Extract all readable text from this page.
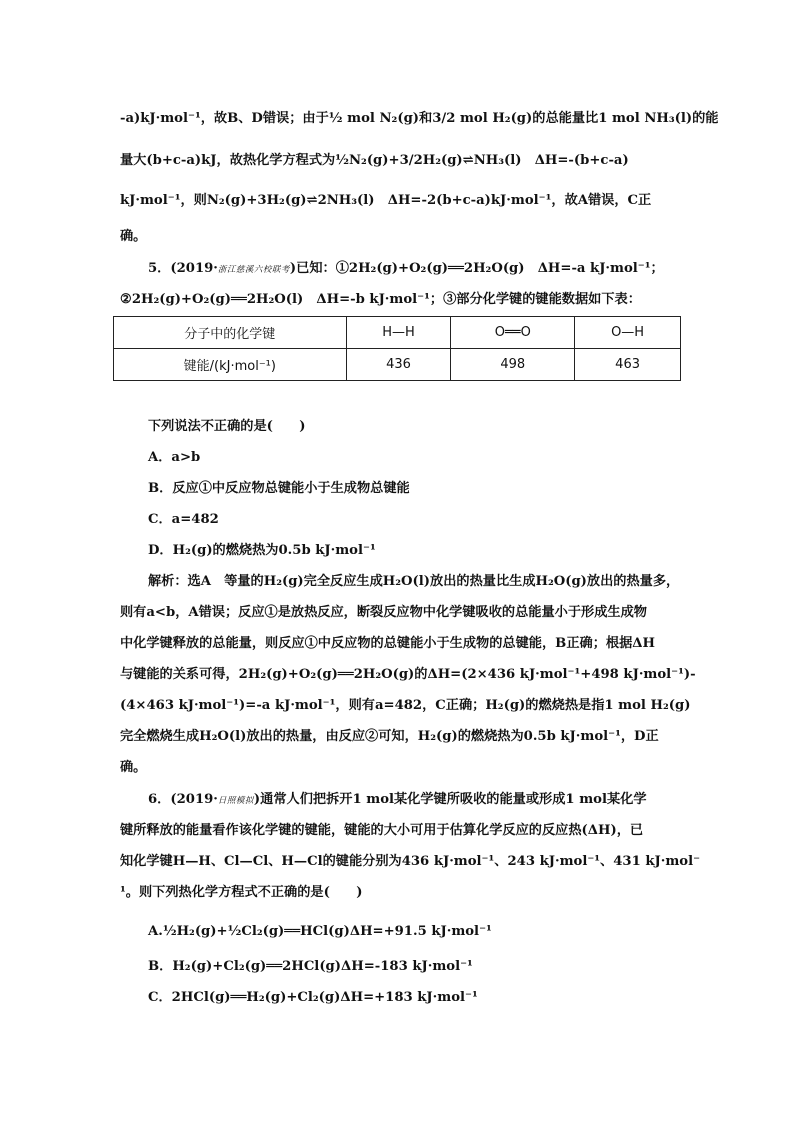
-a)kJ·mol⁻¹，故B、D错误；由于½ mol N₂(g)和3/2 mol H₂(g)的总能量比1 mol NH₃(l)的能
量大(b+c-a)kJ，故热化学方程式为½N₂(g)+3/2H₂(g)⇌NH₃(l)　ΔH=-(b+c-a)
kJ·mol⁻¹，则N₂(g)+3H₂(g)⇌2NH₃(l)　ΔH=-2(b+c-a)kJ·mol⁻¹，故A错误，C正
确。
5．(2019·浙江慈溪六校联考)已知：①2H₂(g)+O₂(g)══2H₂O(g)　ΔH=-a kJ·mol⁻¹；
②2H₂(g)+O₂(g)══2H₂O(l)　ΔH=-b kJ·mol⁻¹；③部分化学键的键能数据如下表：
分子中的化学键	H—H	O══O	O—H
键能/(kJ·mol⁻¹)	436	498	463
下列说法不正确的是(　　)
A．a>b
B．反应①中反应物总键能小于生成物总键能
C．a=482
D．H₂(g)的燃烧热为0.5b kJ·mol⁻¹
解析：选A　等量的H₂(g)完全反应生成H₂O(l)放出的热量比生成H₂O(g)放出的热量多，
则有a<b，A错误；反应①是放热反应，断裂反应物中化学键吸收的总能量小于形成生成物
中化学键释放的总能量，则反应①中反应物的总键能小于生成物的总键能，B正确；根据ΔH
与键能的关系可得，2H₂(g)+O₂(g)══2H₂O(g)的ΔH=(2×436 kJ·mol⁻¹+498 kJ·mol⁻¹)-
(4×463 kJ·mol⁻¹)=-a kJ·mol⁻¹，则有a=482，C正确；H₂(g)的燃烧热是指1 mol H₂(g)
完全燃烧生成H₂O(l)放出的热量，由反应②可知，H₂(g)的燃烧热为0.5b kJ·mol⁻¹，D正
确。
6．(2019·日照模拟)通常人们把拆开1 mol某化学键所吸收的能量或形成1 mol某化学
键所释放的能量看作该化学键的键能，键能的大小可用于估算化学反应的反应热(ΔH)，已
知化学键H—H、Cl—Cl、H—Cl的键能分别为436 kJ·mol⁻¹、243 kJ·mol⁻¹、431 kJ·mol⁻
¹。则下列热化学方程式不正确的是(　　)
A.½H₂(g)+½Cl₂(g)══HCl(g)ΔH=+91.5 kJ·mol⁻¹
B．H₂(g)+Cl₂(g)══2HCl(g)ΔH=-183 kJ·mol⁻¹
C．2HCl(g)══H₂(g)+Cl₂(g)ΔH=+183 kJ·mol⁻¹
